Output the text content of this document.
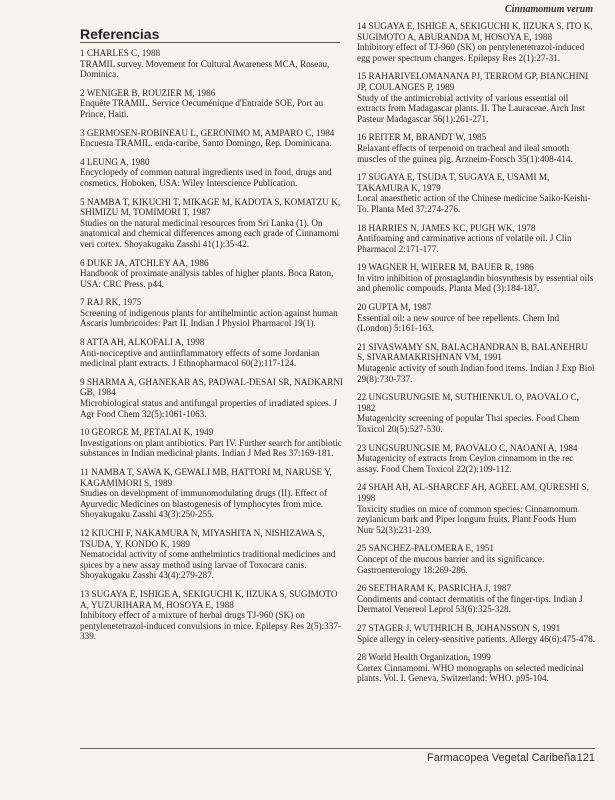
Cinnamomum verum
Referencias
1 CHARLES C, 1988
TRAMIL survey. Movement for Cultural Awareness MCA, Roseau, Dominica.
2 WENIGER B, ROUZIER M, 1986
Enquête TRAMIL. Service Oecuménique d'Entraide SOE, Port au Prince, Haiti.
3 GERMOSEN-ROBINEAU L, GERONIMO M, AMPARO C, 1984
Encuesta TRAMIL. enda-caribe, Santo Domingo, Rep. Dominicana.
4 LEUNG A, 1980
Encyclopedy of common natural ingredients used in food, drugs and cosmetics. Hoboken, USA: Wiley Interscience Publication.
5 NAMBA T, KIKUCHI T, MIKAGE M, KADOTA S, KOMATZU K, SHIMIZU M, TOMIMORI T, 1987
Studies on the natural medicinal resources from Sri Lanka (1). On anatomical and chemical differences among each grade of Cinnamomi veri cortex. Shoyakugaku Zasshi 41(1):35-42.
6 DUKE JA, ATCHLEY AA, 1986
Handbook of proximate analysis tables of higher plants. Boca Raton, USA: CRC Press. p44.
7 RAJ RK, 1975
Screening of indigenous plants for antihelmintic action against human Ascaris lumbricoides: Part II. Indian J Physiol Pharmacol 19(1).
8 ATTA AH, ALKOFALI A, 1998
Anti-nociceptive and antiinflammatory effects of some Jordanian medicinal plant extracts. J Ethnopharmacol 60(2):117-124.
9 SHARMA A, GHANEKAR AS, PADWAL-DESAI SR, NADKARNI GB, 1984
Microbiological status and antifungal properties of irradiated spices. J Agr Food Chem 32(5):1061-1063.
10 GEORGE M, PETALAI K, 1949
Investigations on plant antibiotics. Part IV. Further search for antibiotic substances in Indian medicinal plants. Indian J Med Res 37:169-181.
11 NAMBA T, SAWA K, GEWALI MB, HATTORI M, NARUSE Y, KAGAMIMORI S, 1989
Studies on development of immunomodulating drugs (II). Effect of Ayurvedic Medicines on blastogenesis of lymphocytes from mice. Shoyakugaku Zasshi 43(3):250-255.
12 KIUCHI F, NAKAMURA N, MIYASHITA N, NISHIZAWA S, TSUDA, Y, KONDO K, 1989
Nematocidal activity of some anthelmintics traditional medicines and spices by a new assay method using larvae of Toxocara canis. Shoyakugaku Zasshi 43(4):279-287.
13 SUGAYA E, ISHIGE A, SEKIGUCHI K, IIZUKA S, SUGIMOTO A, YUZURIHARA M, HOSOYA E, 1988
Inhibitory effect of a mixture of herbal drugs TJ-960 (SK) on pentylenetetrazol-induced convulsions in mice. Epilepsy Res 2(5):337-339.
14 SUGAYA E, ISHIGE A, SEKIGUCHI K, IIZUKA S, ITO K, SUGIMOTO A, ABURANDA M, HOSOYA E, 1988
Inhibitory effect of TJ-960 (SK) on pentylenetetrazol-induced egg power spectrum changes. Epilepsy Res 2(1):27-31.
15 RAHARIVELOMANANA PJ, TERROM GP, BIANCHINI JP, COULANGES P, 1989
Study of the antimicrobial activity of various essential oil extracts from Madagascar plants. II. The Lauraceae. Arch Inst Pasteur Madagascar 56(1):261-271.
16 REITER M, BRANDT W, 1985
Relaxant effects of terpenoid on tracheal and ileal smooth muscles of the guinea pig. Arzneim-Forsch 35(1):408-414.
17 SUGAYA E, TSUDA T, SUGAYA E, USAMI M, TAKAMURA K, 1979
Local anaesthetic action of the Chinese medicine Saiko-Keishi-To. Planta Med 37:274-276.
18 HARRIES N, JAMES KC, PUGH WK, 1978
Antifoaming and carminative actions of volatile oil. J Clin Pharmacol 2:171-177.
19 WAGNER H, WIERER M, BAUER R, 1986
In vitro inhibition of prostaglandin biosynthesis by essential oils and phenolic compouds. Planta Med (3):184-187.
20 GUPTA M, 1987
Essential oil: a new source of bee repellents. Chem Ind (London) 5:161-163.
21 SIVASWAMY SN, BALACHANDRAN B, BALANEHRU S, SIVARAMAKRISHNAN VM, 1991
Mutagenic activity of south Indian food items. Indian J Exp Biol 29(8):730-737.
22 UNGSURUNGSIE M, SUTHIENKUL O, PAOVALO C, 1982
Mutagenicity screening of popular Thai species. Food Chem Toxicol 20(5):527-530.
23 UNGSURUNGSIE M, PAOVALO C, NAOANI A, 1984
Mutagenicity of extracts from Ceylon cinnamom in the rec assay. Food Chem Toxicol 22(2):109-112.
24 SHAH AH, AL-SHARCEF AH, AGEEL AM, QURESHI S, 1998
Toxicity studies on mice of common species: Cinnamomum zeylanicum bark and Piper longum fruits. Plant Foods Hum Nutr 52(3):231-239.
25 SANCHEZ-PALOMERA E, 1951
Concept of the mucous barrier and its significance. Gastroenterology 18:269-286.
26 SEETHARAM K, PASRICHA J, 1987
Condiments and contact dermatitis of the finger-tips. Indian J Dermatol Venereol Leprol 53(6):325-328.
27 STAGER J, WUTHRICH B, JOHANSSON S, 1991
Spice allergy in celery-sensitive patients. Allergy 46(6):475-478.
28 World Health Organization, 1999
Cortex Cinnamomi. WHO monographs on selected medicinal plants. Vol. I. Geneva, Switzerland: WHO. p95-104.
Farmacopea Vegetal Caribeña 121
